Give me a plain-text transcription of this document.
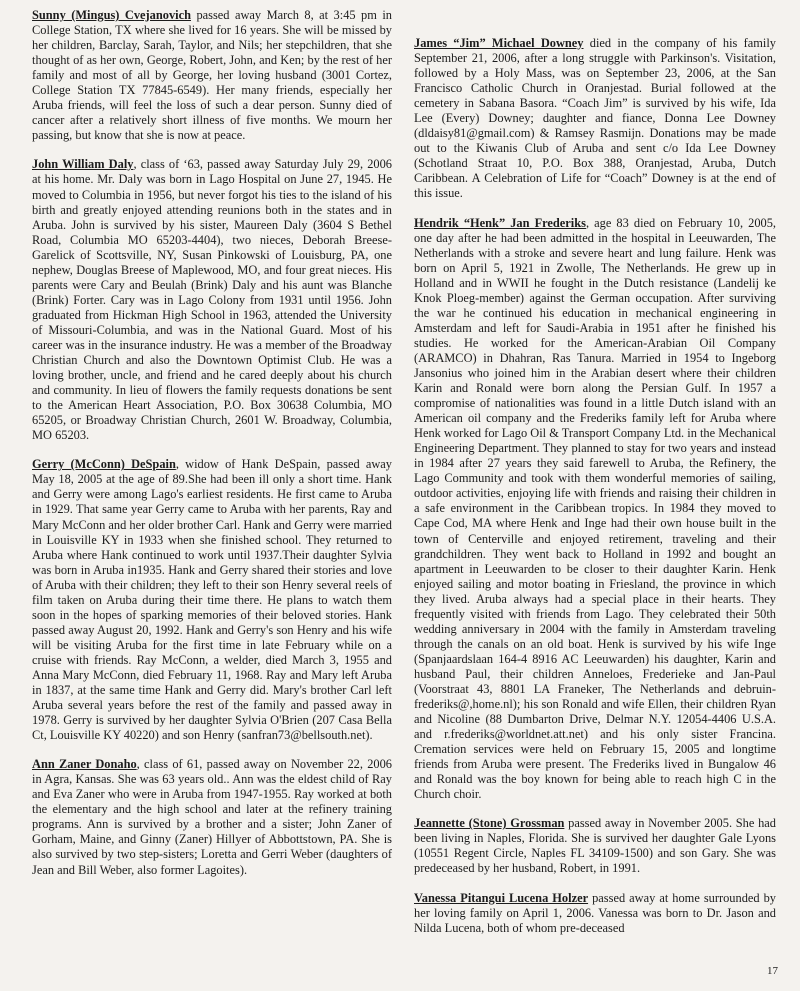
Sunny (Mingus) Cvejanovich passed away March 8, at 3:45 pm in College Station, TX where she lived for 16 years. She will be missed by her children, Barclay, Sarah, Taylor, and Nils; her stepchildren, that she thought of as her own, George, Robert, John, and Ken; by the rest of her family and most of all by George, her loving husband (3001 Cortez, College Station TX 77845-6549). Her many friends, especially her Aruba friends, will feel the loss of such a dear person. Sunny died of cancer after a relatively short illness of five months. We mourn her passing, but know that she is now at peace.

John William Daly, class of ‘63, passed away Saturday July 29, 2006 at his home. Mr. Daly was born in Lago Hospital on June 27, 1945. He moved to Columbia in 1956, but never forgot his ties to the island of his birth and greatly enjoyed attending reunions both in the states and in Aruba. John is survived by his sister, Maureen Daly (3604 S Bethel Road, Columbia MO 65203-4404), two nieces, Deborah Breese-Garelick of Scottsville, NY, Susan Pinkowski of Louisburg, PA, one nephew, Douglas Breese of Maplewood, MO, and four great nieces. His parents were Cary and Beulah (Brink) Daly and his aunt was Blanche (Brink) Forter. Cary was in Lago Colony from 1931 until 1956. John graduated from Hickman High School in 1963, attended the University of Missouri-Columbia, and was in the National Guard. Most of his career was in the insurance industry. He was a member of the Broadway Christian Church and also the Downtown Optimist Club. He was a loving brother, uncle, and friend and he cared deeply about his church and community. In lieu of flowers the family requests donations be sent to the American Heart Association, P.O. Box 30638 Columbia, MO 65205, or Broadway Christian Church, 2601 W. Broadway, Columbia, MO 65203.

Gerry (McConn) DeSpain, widow of Hank DeSpain, passed away May 18, 2005 at the age of 89.She had been ill only a short time. Hank and Gerry were among Lago's earliest residents. He first came to Aruba in 1929. That same year Gerry came to Aruba with her parents, Ray and Mary McConn and her older brother Carl. Hank and Gerry were married in Louisville KY in 1933 when she finished school. They returned to Aruba where Hank continued to work until 1937.Their daughter Sylvia was born in Aruba in1935. Hank and Gerry shared their stories and love of Aruba with their children; they left to their son Henry several reels of film taken on Aruba during their time there. He plans to watch them soon in the hopes of sparking memories of their beloved stories. Hank passed away August 20, 1992. Hank and Gerry's son Henry and his wife will be visiting Aruba for the first time in late February while on a cruise with friends. Ray McConn, a welder, died March 3, 1955 and Anna Mary McConn, died February 11, 1968. Ray and Mary left Aruba in 1837, at the same time Hank and Gerry did. Mary's brother Carl left Aruba several years before the rest of the family and passed away in 1978. Gerry is survived by her daughter Sylvia O'Brien (207 Casa Bella Ct, Louisville KY 40220) and son Henry (sanfran73@bellsouth.net).

Ann Zaner Donaho, class of 61, passed away on November 22, 2006 in Agra, Kansas. She was 63 years old.. Ann was the eldest child of Ray and Eva Zaner who were in Aruba from 1947-1955. Ray worked at both the elementary and the high school and later at the refinery training programs. Ann is survived by a brother and a sister; John Zaner of Gorham, Maine, and Ginny (Zaner) Hillyer of Abbottstown, PA. She is also survived by two step-sisters; Loretta and Gerri Weber (daughters of Jean and Bill Weber, also former Lagoites).

James “Jim” Michael Downey died in the company of his family September 21, 2006, after a long struggle with Parkinson's. Visitation, followed by a Holy Mass, was on September 23, 2006, at the San Francisco Catholic Church in Oranjestad. Burial followed at the cemetery in Sabana Basora. “Coach Jim” is survived by his wife, Ida Lee (Every) Downey; daughter and fiance, Donna Lee Downey (dldaisy81@gmail.com) & Ramsey Rasmijn. Donations may be made out to the Kiwanis Club of Aruba and sent c/o Ida Lee Downey (Schotland Straat 10, P.O. Box 388, Oranjestad, Aruba, Dutch Caribbean. A Celebration of Life for “Coach” Downey is at the end of this issue.

Hendrik “Henk” Jan Frederiks, age 83 died on February 10, 2005, one day after he had been admitted in the hospital in Leeuwarden, The Netherlands with a stroke and severe heart and lung failure. Henk was born on April 5, 1921 in Zwolle, The Netherlands. He grew up in Holland and in WWII he fought in the Dutch resistance (Landelij ke Knok Ploeg-member) against the German occupation. After surviving the war he continued his education in mechanical engineering in Amsterdam and left for Saudi-Arabia in 1951 after he finished his studies. He worked for the American-Arabian Oil Company (ARAMCO) in Dhahran, Ras Tanura. Married in 1954 to Ingeborg Jansonius who joined him in the Arabian desert where their children Karin and Ronald were born along the Persian Gulf. In 1957 a compromise of nationalities was found in a little Dutch island with an American oil company and the Frederiks family left for Aruba where Henk worked for Lago Oil & Transport Company Ltd. in the Mechanical Engineering Department. They planned to stay for two years and instead in 1984 after 27 years they said farewell to Aruba, the Refinery, the Lago Community and took with them wonderful memories of sailing, outdoor activities, enjoying life with friends and raising their children in a safe environment in the Caribbean tropics. In 1984 they moved to Cape Cod, MA where Henk and Inge had their own house built in the town of Centerville and enjoyed retirement, traveling and their grandchildren. They went back to Holland in 1992 and bought an apartment in Leeuwarden to be closer to their daughter Karin. Henk enjoyed sailing and motor boating in Friesland, the province in which they lived. Aruba always had a special place in their hearts. They frequently visited with friends from Lago. They celebrated their 50th wedding anniversary in 2004 with the family in Amsterdam traveling through the canals on an old boat. Henk is survived by his wife Inge (Spanjaardslaan 164-4 8916 AC Leeuwarden) his daughter, Karin and husband Paul, their children Anneloes, Frederieke and Jan-Paul (Voorstraat 43, 8801 LA Franeker, The Netherlands and debruin-frederiks@,home.nl); his son Ronald and wife Ellen, their children Ryan and Nicoline (88 Dumbarton Drive, Delmar N.Y. 12054-4406 U.S.A. and r.frederiks@worldnet.att.net) and his only sister Francina. Cremation services were held on February 15, 2005 and longtime friends from Aruba were present. The Frederiks lived in Bungalow 46 and Ronald was the boy known for being able to reach high C in the Church choir.

Jeannette (Stone) Grossman passed away in November 2005. She had been living in Naples, Florida. She is survived her daughter Gale Lyons (10551 Regent Circle, Naples FL 34109-1500) and son Gary. She was predeceased by her husband, Robert, in 1991.

Vanessa Pitangui Lucena Holzer passed away at home surrounded by her loving family on April 1, 2006. Vanessa was born to Dr. Jason and Nilda Lucena, both of whom pre-deceased

17
